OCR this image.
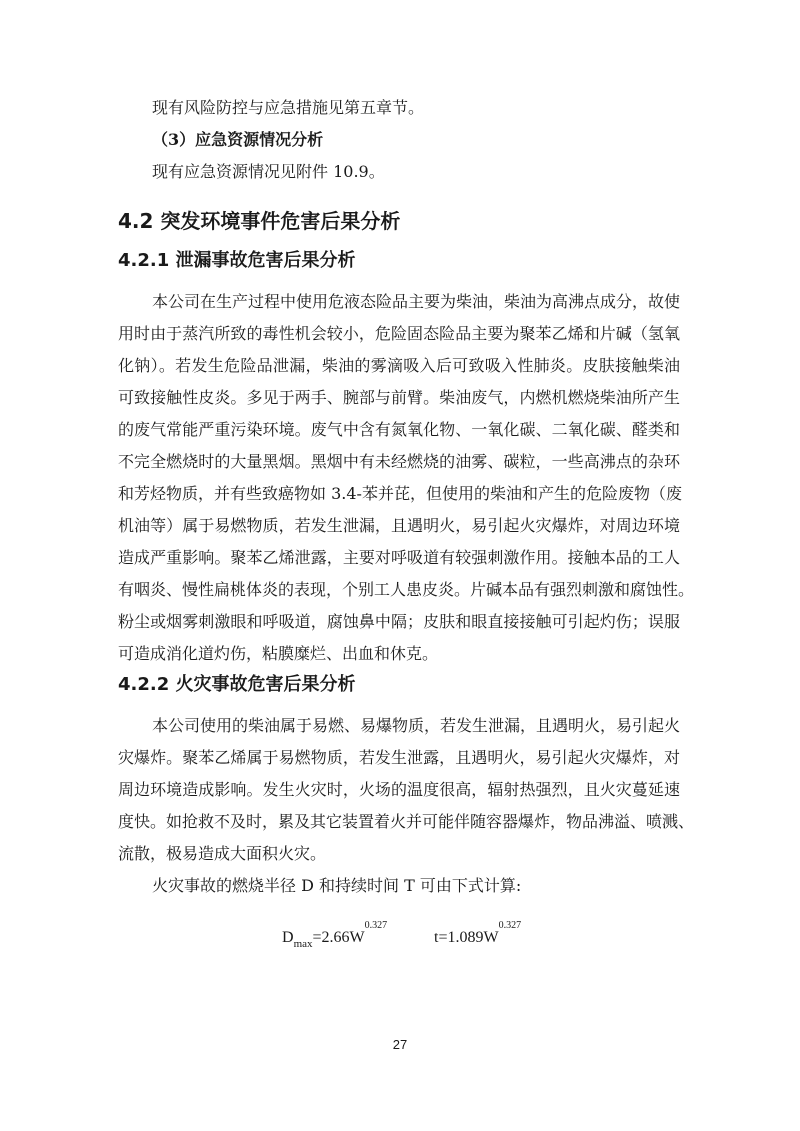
现有风险防控与应急措施见第五章节。
（3）应急资源情况分析
现有应急资源情况见附件 10.9。
4.2 突发环境事件危害后果分析
4.2.1 泄漏事故危害后果分析
本公司在生产过程中使用危液态险品主要为柴油，柴油为高沸点成分，故使
用时由于蒸汽所致的毒性机会较小，危险固态险品主要为聚苯乙烯和片碱（氢氧
化钠）。若发生危险品泄漏，柴油的雾滴吸入后可致吸入性肺炎。皮肤接触柴油
可致接触性皮炎。多见于两手、腕部与前臂。柴油废气，内燃机燃烧柴油所产生
的废气常能严重污染环境。废气中含有氮氧化物、一氧化碳、二氧化碳、醛类和
不完全燃烧时的大量黑烟。黑烟中有未经燃烧的油雾、碳粒，一些高沸点的杂环
和芳烃物质，并有些致癌物如 3.4-苯并芘，但使用的柴油和产生的危险废物（废
机油等）属于易燃物质，若发生泄漏，且遇明火，易引起火灾爆炸，对周边环境
造成严重影响。聚苯乙烯泄露，主要对呼吸道有较强刺激作用。接触本品的工人
有咽炎、慢性扁桃体炎的表现，个别工人患皮炎。片碱本品有强烈刺激和腐蚀性。
粉尘或烟雾刺激眼和呼吸道，腐蚀鼻中隔；皮肤和眼直接接触可引起灼伤；误服
可造成消化道灼伤，粘膜糜烂、出血和休克。
4.2.2 火灾事故危害后果分析
本公司使用的柴油属于易燃、易爆物质，若发生泄漏，且遇明火，易引起火
灾爆炸。聚苯乙烯属于易燃物质，若发生泄露，且遇明火，易引起火灾爆炸，对
周边环境造成影响。发生火灾时，火场的温度很高，辐射热强烈，且火灾蔓延速
度快。如抢救不及时，累及其它装置着火并可能伴随容器爆炸，物品沸溢、喷溅、
流散，极易造成大面积火灾。
火灾事故的燃烧半径 D 和持续时间 T 可由下式计算:
$D_{max}=2.66W^{0.327}$
$t=1.089W^{0.327}$
27
